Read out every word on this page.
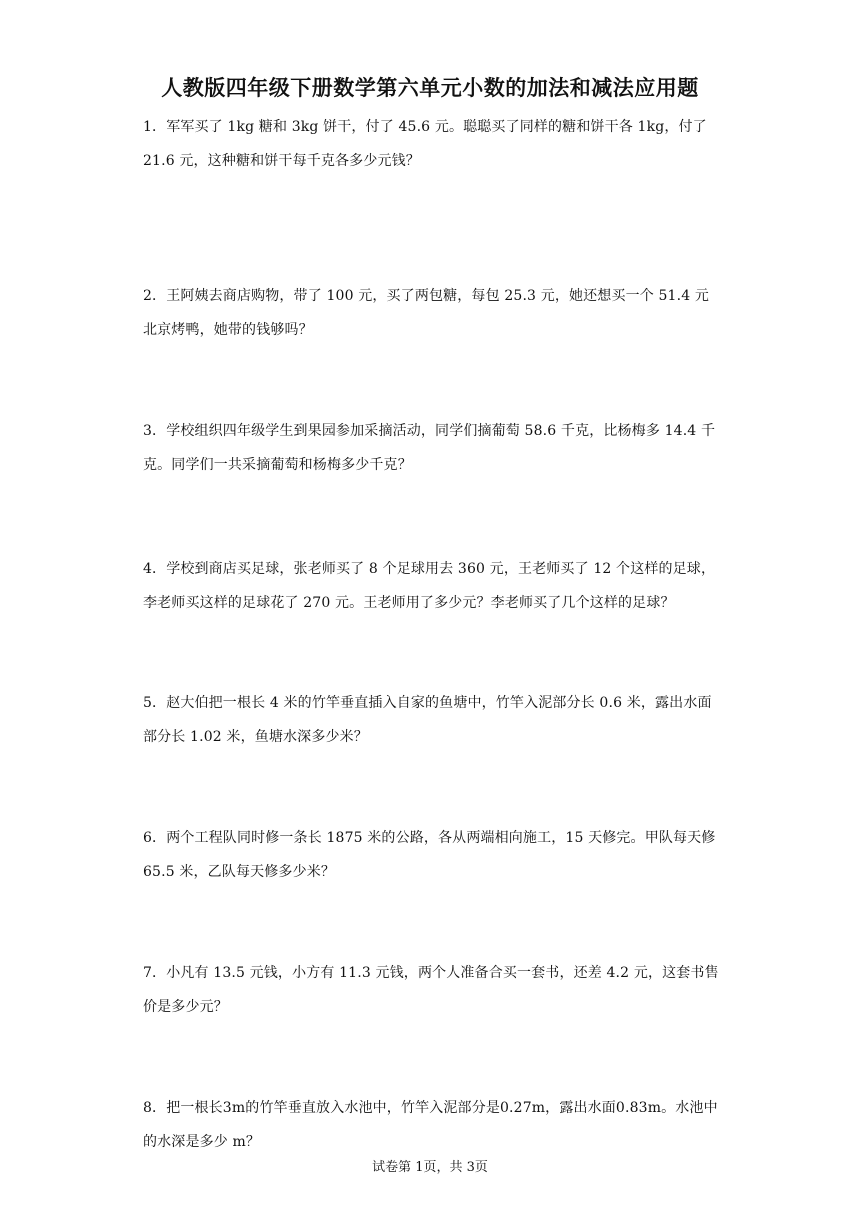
人教版四年级下册数学第六单元小数的加法和减法应用题
1．军军买了 1kg 糖和 3kg 饼干，付了 45.6 元。聪聪买了同样的糖和饼干各 1kg，付了 21.6 元，这种糖和饼干每千克各多少元钱？
2．王阿姨去商店购物，带了 100 元，买了两包糖，每包 25.3 元，她还想买一个 51.4 元北京烤鸭，她带的钱够吗？
3．学校组织四年级学生到果园参加采摘活动，同学们摘葡萄 58.6 千克，比杨梅多 14.4 千克。同学们一共采摘葡萄和杨梅多少千克？
4．学校到商店买足球，张老师买了 8 个足球用去 360 元，王老师买了 12 个这样的足球，李老师买这样的足球花了 270 元。王老师用了多少元？李老师买了几个这样的足球？
5．赵大伯把一根长 4 米的竹竿垂直插入自家的鱼塘中，竹竿入泥部分长 0.6 米，露出水面部分长 1.02 米，鱼塘水深多少米？
6．两个工程队同时修一条长 1875 米的公路，各从两端相向施工，15 天修完。甲队每天修 65.5 米，乙队每天修多少米？
7．小凡有 13.5 元钱，小方有 11.3 元钱，两个人准备合买一套书，还差 4.2 元，这套书售价是多少元？
8．把一根长3m的竹竿垂直放入水池中，竹竿入泥部分是0.27m，露出水面0.83m。水池中的水深是多少 m？
试卷第 1页，共 3页
